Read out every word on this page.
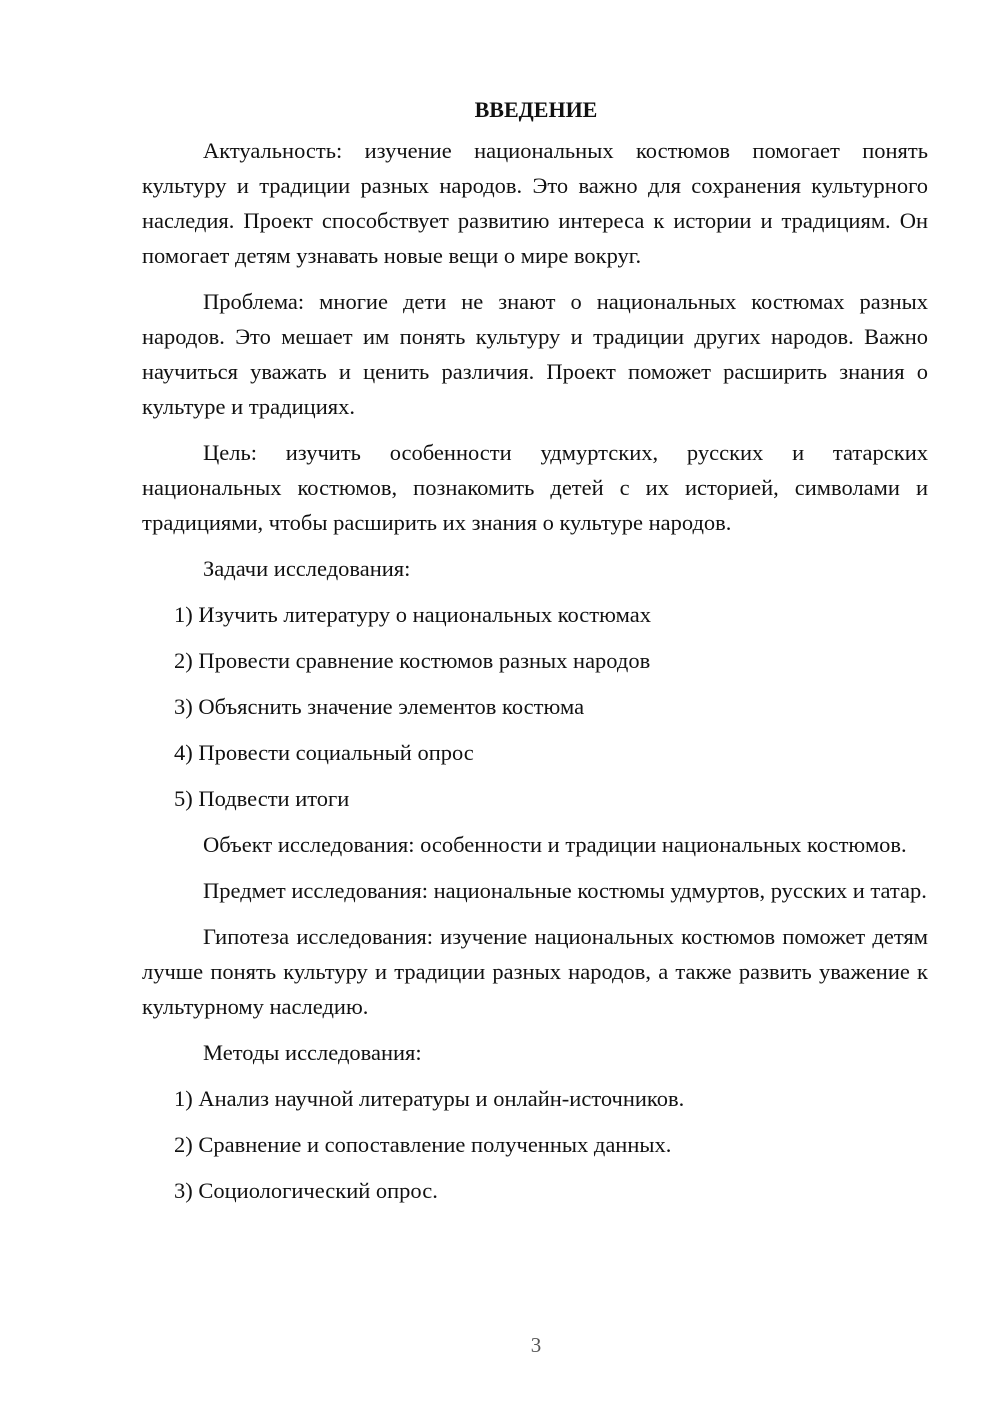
ВВЕДЕНИЕ

Актуальность: изучение национальных костюмов помогает понять культуру и традиции разных народов. Это важно для сохранения культурного наследия. Проект способствует развитию интереса к истории и традициям. Он помогает детям узнавать новые вещи о мире вокруг.

Проблема: многие дети не знают о национальных костюмах разных народов. Это мешает им понять культуру и традиции других народов. Важно научиться уважать и ценить различия. Проект поможет расширить знания о культуре и традициях.

Цель: изучить особенности удмуртских, русских и татарских национальных костюмов, познакомить детей с их историей, символами и традициями, чтобы расширить их знания о культуре народов.

Задачи исследования:
1) Изучить литературу о национальных костюмах
2) Провести сравнение костюмов разных народов
3) Объяснить значение элементов костюма
4) Провести социальный опрос
5) Подвести итоги

Объект исследования: особенности и традиции национальных костюмов.

Предмет исследования: национальные костюмы удмуртов, русских и татар.

Гипотеза исследования: изучение национальных костюмов поможет детям лучше понять культуру и традиции разных народов, а также развить уважение к культурному наследию.

Методы исследования:
1) Анализ научной литературы и онлайн-источников.
2) Сравнение и сопоставление полученных данных.
3) Социологический опрос.
3
